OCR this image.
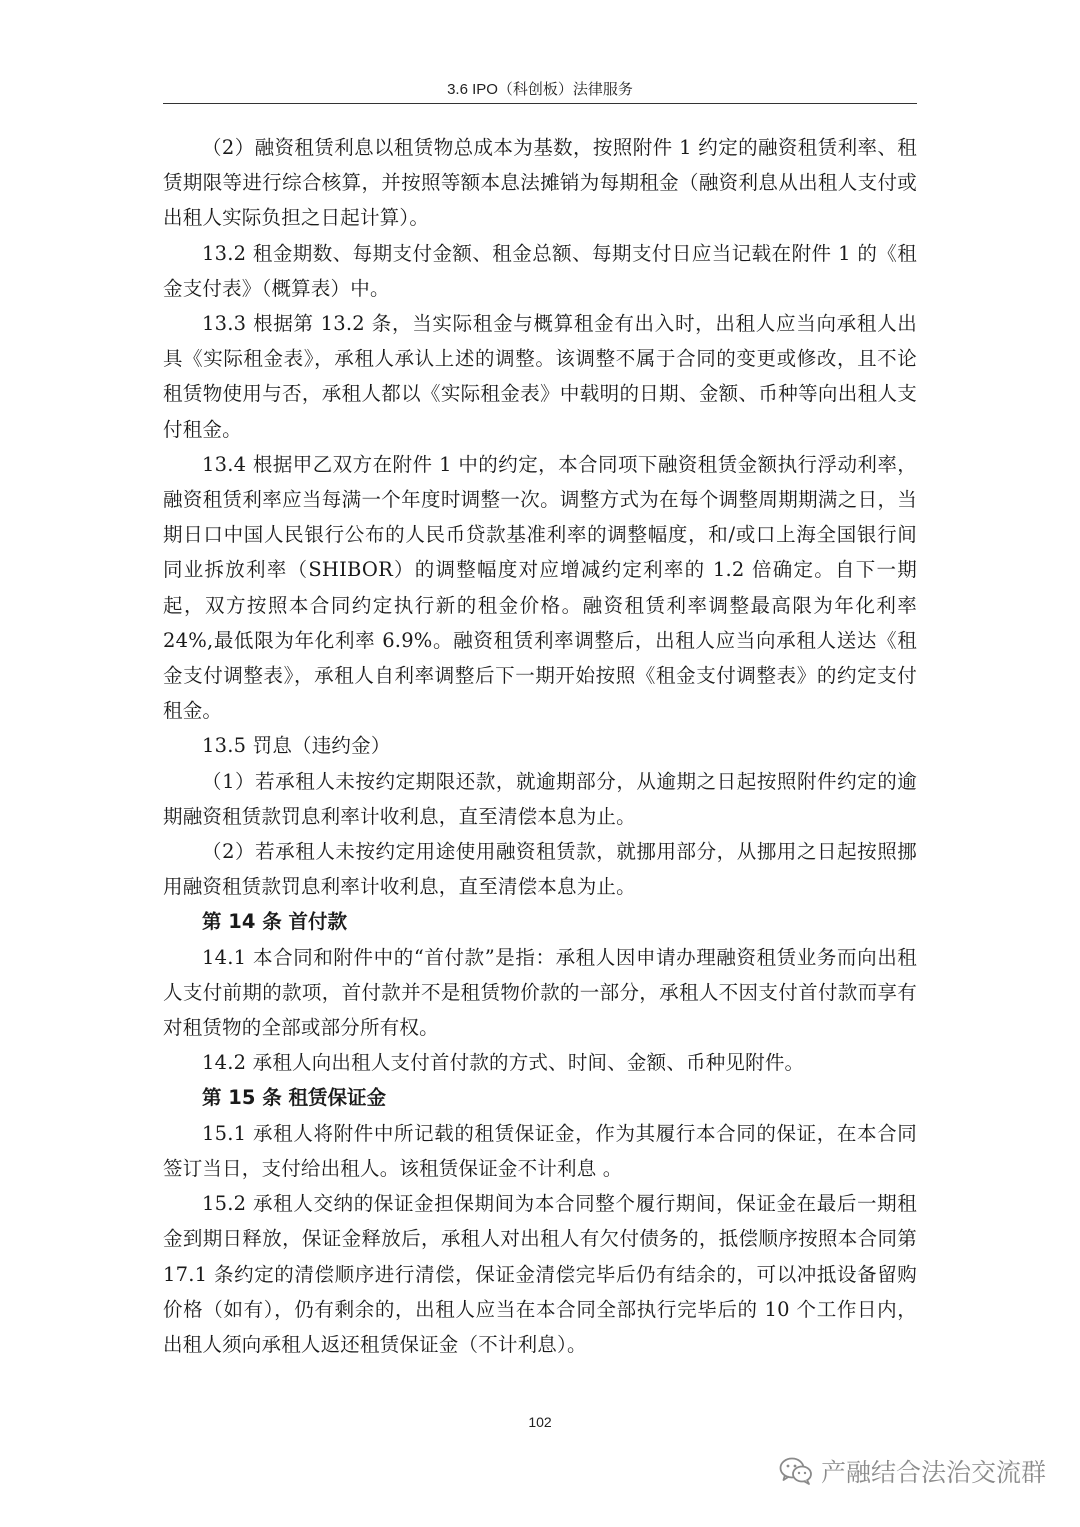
3.6 IPO（科创板）法律服务

（2）融资租赁利息以租赁物总成本为基数，按照附件 1 约定的融资租赁利率、租赁期限等进行综合核算，并按照等额本息法摊销为每期租金（融资利息从出租人支付或出租人实际负担之日起计算）。

13.2 租金期数、每期支付金额、租金总额、每期支付日应当记载在附件 1 的《租金支付表》（概算表）中。

13.3 根据第 13.2 条，当实际租金与概算租金有出入时，出租人应当向承租人出具《实际租金表》，承租人承认上述的调整。该调整不属于合同的变更或修改，且不论租赁物使用与否，承租人都以《实际租金表》中载明的日期、金额、币种等向出租人支付租金。

13.4 根据甲乙双方在附件 1 中的约定，本合同项下融资租赁金额执行浮动利率，融资租赁利率应当每满一个年度时调整一次。调整方式为在每个调整周期期满之日，当期日口中国人民银行公布的人民币贷款基准利率的调整幅度，和/或口上海全国银行间同业拆放利率（SHIBOR）的调整幅度对应增减约定利率的 1.2 倍确定。自下一期起，双方按照本合同约定执行新的租金价格。融资租赁利率调整最高限为年化利率 24%,最低限为年化利率 6.9%。融资租赁利率调整后，出租人应当向承租人送达《租金支付调整表》，承租人自利率调整后下一期开始按照《租金支付调整表》的约定支付租金。

13.5 罚息（违约金）

（1）若承租人未按约定期限还款，就逾期部分，从逾期之日起按照附件约定的逾期融资租赁款罚息利率计收利息，直至清偿本息为止。

（2）若承租人未按约定用途使用融资租赁款，就挪用部分，从挪用之日起按照挪用融资租赁款罚息利率计收利息，直至清偿本息为止。

第 14 条 首付款

14.1 本合同和附件中的“首付款”是指：承租人因申请办理融资租赁业务而向出租人支付前期的款项，首付款并不是租赁物价款的一部分，承租人不因支付首付款而享有对租赁物的全部或部分所有权。

14.2 承租人向出租人支付首付款的方式、时间、金额、币种见附件。

第 15 条 租赁保证金

15.1 承租人将附件中所记载的租赁保证金，作为其履行本合同的保证，在本合同签订当日，支付给出租人。该租赁保证金不计利息 。

15.2 承租人交纳的保证金担保期间为本合同整个履行期间，保证金在最后一期租金到期日释放，保证金释放后，承租人对出租人有欠付债务的，抵偿顺序按照本合同第 17.1 条约定的清偿顺序进行清偿，保证金清偿完毕后仍有结余的，可以冲抵设备留购价格（如有），仍有剩余的，出租人应当在本合同全部执行完毕后的 10 个工作日内，出租人须向承租人返还租赁保证金（不计利息）。

102
产融结合法治交流群
